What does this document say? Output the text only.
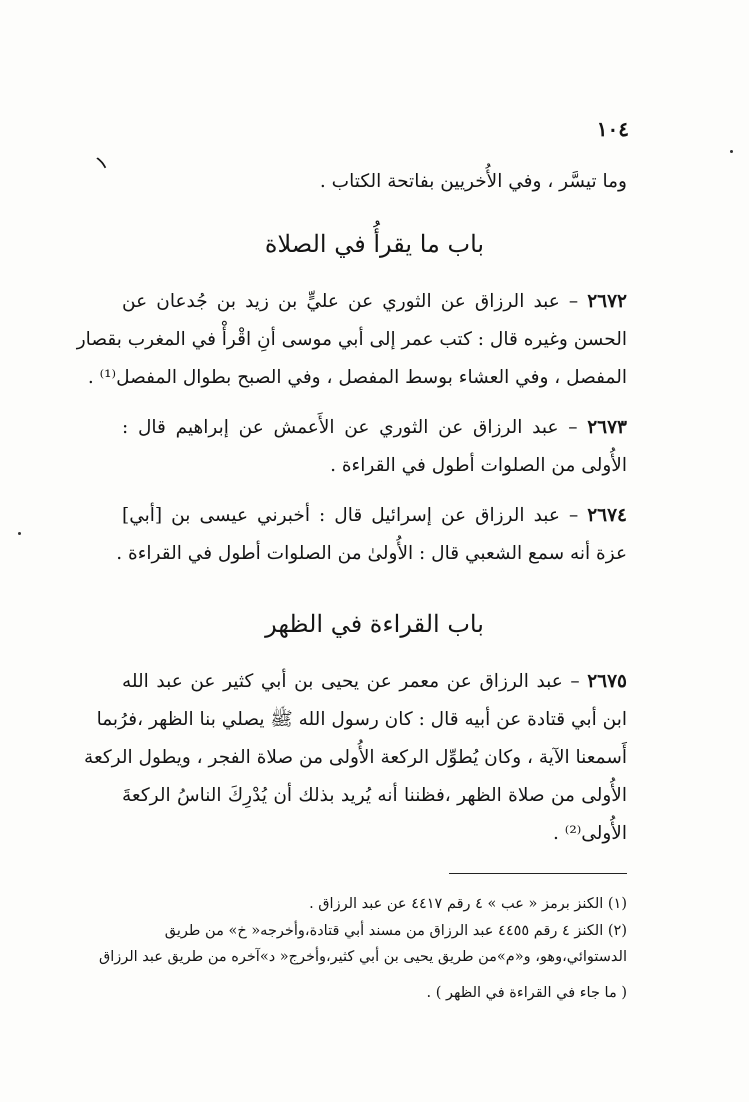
١٠٤
١
وما تيسَّر ، وفي الأُخريين بفاتحة الكتاب .
باب ما يقرأُ في الصلاة
٢٦٧٢ – عبد الرزاق عن الثوري عن عليٍّ بن زيد بن جُدعان عن
الحسن وغيره قال : كتب عمر إلى أبي موسى أنِ اقْرأْ في المغرب بقصار
المفصل ، وفي العشاء بوسط المفصل ، وفي الصبح بطوال المفصل⁽¹⁾ .
٢٦٧٣ – عبد الرزاق عن الثوري عن الأَعمش عن إبراهيم قال :
الأُولى من الصلوات أطول في القراءة .
٢٦٧٤ – عبد الرزاق عن إسرائيل قال : أخبرني عيسى بن [أبي]
عزة أنه سمع الشعبي قال : الأُولىٰ من الصلوات أطول في القراءة .
باب القراءة في الظهر
٢٦٧٥ – عبد الرزاق عن معمر عن يحيى بن أبي كثير عن عبد الله
ابن أبي قتادة عن أبيه قال : كان رسول الله ﷺ يصلي بنا الظهر ،فرُبما
أَسمعنا الآية ، وكان يُطوِّل الركعة الأُولى من صلاة الفجر ، ويطول الركعة
الأُولى من صلاة الظهر ،فظننا أنه يُريد بذلك أن يُدْرِكَ الناسُ الركعةَ
الأُولى⁽²⁾ .
(١) الكنز برمز « عب » ٤ رقم ٤٤١٧ عن عبد الرزاق .
(٢) الكنز ٤ رقم ٤٤٥٥ عبد الرزاق من مسند أبي قتادة،وأخرجه« خ» من طريق
الدستوائي،وهو، و«م»من طريق يحيى بن أبي كثير،وأخرج« د»آخره من طريق عبد الرزاق
( ما جاء في القراءة في الظهر ) .
